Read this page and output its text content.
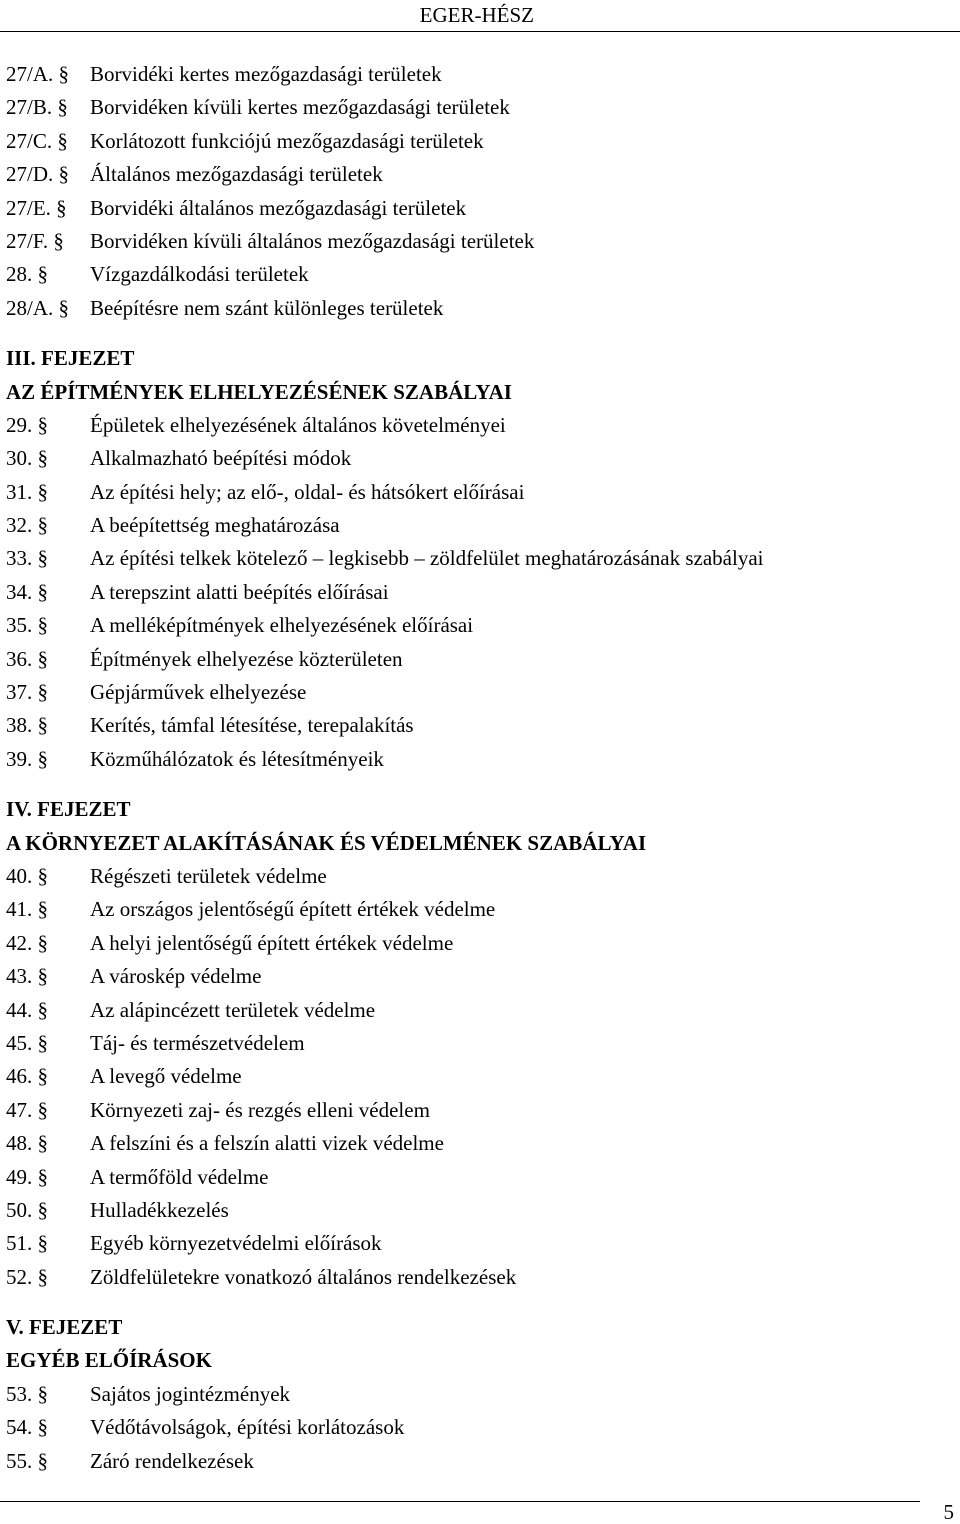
EGER-HÉSZ
27/A. §	Borvidéki kertes mezőgazdasági területek
27/B. §	Borvidéken kívüli kertes mezőgazdasági területek
27/C. §	Korlátozott funkciójú mezőgazdasági területek
27/D. §	Általános mezőgazdasági területek
27/E. §	Borvidéki általános mezőgazdasági területek
27/F. §	Borvidéken kívüli általános mezőgazdasági területek
28. §	Vízgazdálkodási területek
28/A. §	Beépítésre nem szánt különleges területek
III. FEJEZET
AZ ÉPÍTMÉNYEK ELHELYEZÉSÉNEK SZABÁLYAI
29. §	Épületek elhelyezésének általános követelményei
30. §	Alkalmazható beépítési módok
31. §	Az építési hely; az elő-, oldal- és hátsókert előírásai
32. §	A beépítettség meghatározása
33. §	Az építési telkek kötelező – legkisebb – zöldfelület meghatározásának szabályai
34. §	A terepszint alatti beépítés előírásai
35. §	A melléképítmények elhelyezésének előírásai
36. §	Építmények elhelyezése közterületen
37. §	Gépjárművek elhelyezése
38. §	Kerítés, támfal létesítése, terepalakítás
39. §	Közműhálózatok és létesítményeik
IV. FEJEZET
A KÖRNYEZET ALAKÍTÁSÁNAK ÉS VÉDELMÉNEK SZABÁLYAI
40. §	Régészeti területek védelme
41. §	Az országos jelentőségű épített értékek védelme
42. §	A helyi jelentőségű épített értékek védelme
43. §	A városkép védelme
44. §	Az alápincézett területek védelme
45. §	Táj- és természetvédelem
46. §	A levegő védelme
47. §	Környezeti zaj- és rezgés elleni védelem
48. §	A felszíni és a felszín alatti vizek védelme
49. §	A termőföld védelme
50. §	Hulladékkezelés
51. §	Egyéb környezetvédelmi előírások
52. §	Zöldfelületekre vonatkozó általános rendelkezések
V. FEJEZET
EGYÉB ELŐÍRÁSOK
53. §	Sajátos jogintézmények
54. §	Védőtávolságok, építési korlátozások
55. §	Záró rendelkezések
5
